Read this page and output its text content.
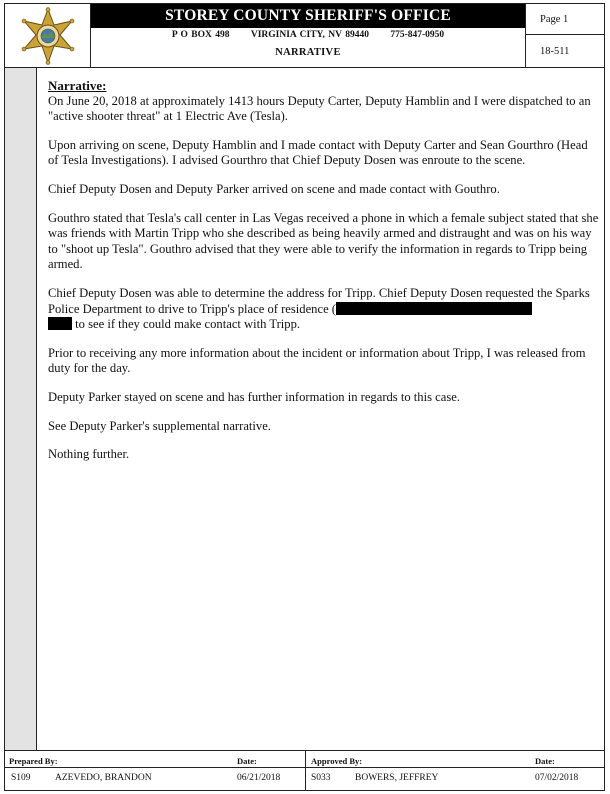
STOREY COUNTY SHERIFF'S OFFICE
P O BOX 498 VIRGINIA CITY, NV 89440 775-847-0950
NARRATIVE
Page 1
18-511
Narrative:

On June 20, 2018 at approximately 1413 hours Deputy Carter, Deputy Hamblin and I were dispatched to an "active shooter threat" at 1 Electric Ave (Tesla).

Upon arriving on scene, Deputy Hamblin and I made contact with Deputy Carter and Sean Gourthro (Head of Tesla Investigations). I advised Gourthro that Chief Deputy Dosen was enroute to the scene.

Chief Deputy Dosen and Deputy Parker arrived on scene and made contact with Gouthro.

Gouthro stated that Tesla's call center in Las Vegas received a phone in which a female subject stated that she was friends with Martin Tripp who she described as being heavily armed and distraught and was on his way to "shoot up Tesla". Gouthro advised that they were able to verify the information in regards to Tripp being armed.

Chief Deputy Dosen was able to determine the address for Tripp. Chief Deputy Dosen requested the Sparks Police Department to drive to Tripp's place of residence (
to see if they could make contact with Tripp.

Prior to receiving any more information about the incident or information about Tripp, I was released from duty for the day.

Deputy Parker stayed on scene and has further information in regards to this case.

See Deputy Parker's supplemental narrative.

Nothing further.

Prepared By:
S109	AZEVEDO, BRANDON
Date:
06/21/2018
Approved By:
S033	BOWERS, JEFFREY
Date:
07/02/2018
